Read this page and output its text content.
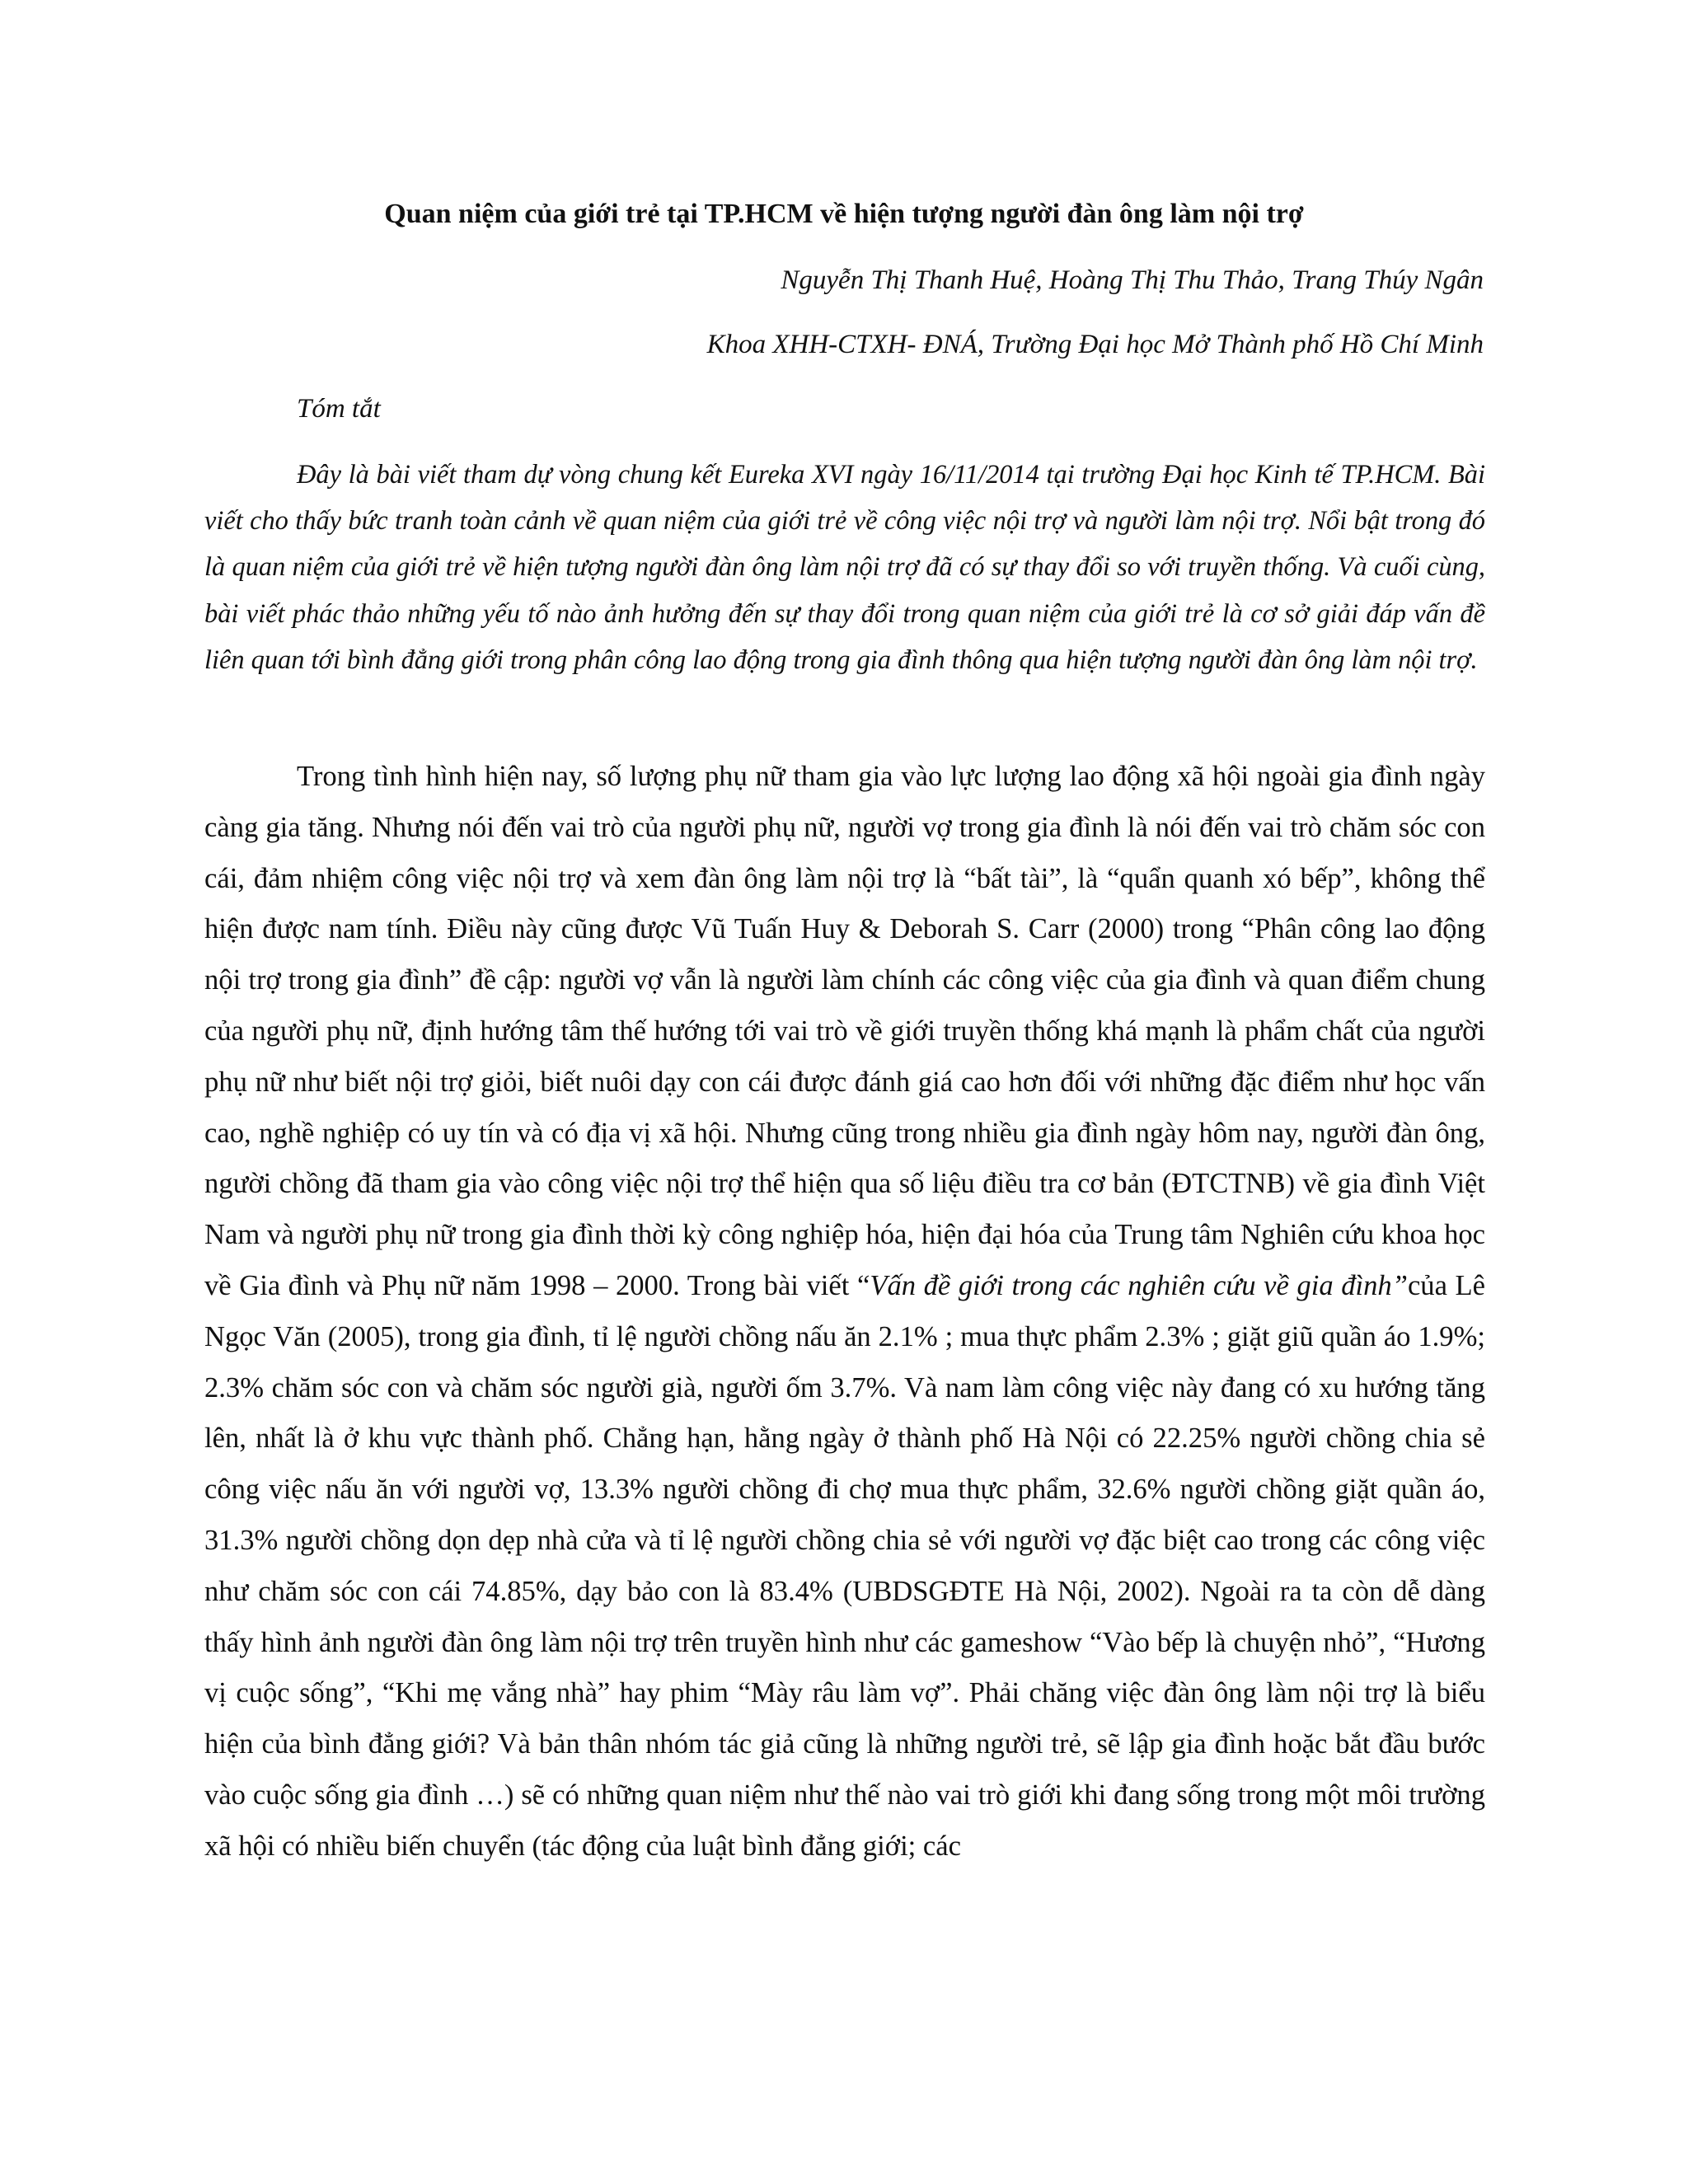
Quan niệm của giới trẻ tại TP.HCM về hiện tượng người đàn ông làm nội trợ
Nguyễn Thị Thanh Huệ, Hoàng Thị Thu Thảo, Trang Thúy Ngân
Khoa XHH-CTXH- ĐNÁ, Trường Đại học Mở Thành phố Hồ Chí Minh
Tóm tắt

Đây là bài viết tham dự vòng chung kết Eureka XVI ngày 16/11/2014 tại trường Đại học Kinh tế TP.HCM. Bài viết cho thấy bức tranh toàn cảnh về quan niệm của giới trẻ về công việc nội trợ và người làm nội trợ. Nổi bật trong đó là quan niệm của giới trẻ về hiện tượng người đàn ông làm nội trợ đã có sự thay đổi so với truyền thống. Và cuối cùng, bài viết phác thảo những yếu tố nào ảnh hưởng đến sự thay đổi trong quan niệm của giới trẻ là cơ sở giải đáp vấn đề liên quan tới bình đẳng giới trong phân công lao động trong gia đình thông qua hiện tượng người đàn ông làm nội trợ.

Trong tình hình hiện nay, số lượng phụ nữ tham gia vào lực lượng lao động xã hội ngoài gia đình ngày càng gia tăng. Nhưng nói đến vai trò của người phụ nữ, người vợ trong gia đình là nói đến vai trò chăm sóc con cái, đảm nhiệm công việc nội trợ và xem đàn ông làm nội trợ là “bất tài”, là “quẩn quanh xó bếp”, không thể hiện được nam tính. Điều này cũng được Vũ Tuấn Huy & Deborah S. Carr (2000) trong “Phân công lao động nội trợ trong gia đình” đề cập: người vợ vẫn là người làm chính các công việc của gia đình và quan điểm chung của người phụ nữ, định hướng tâm thế hướng tới vai trò về giới truyền thống khá mạnh là phẩm chất của người phụ nữ như biết nội trợ giỏi, biết nuôi dạy con cái được đánh giá cao hơn đối với những đặc điểm như học vấn cao, nghề nghiệp có uy tín và có địa vị xã hội. Nhưng cũng trong nhiều gia đình ngày hôm nay, người đàn ông, người chồng đã tham gia vào công việc nội trợ thể hiện qua số liệu điều tra cơ bản (ĐTCTNB) về gia đình Việt Nam và người phụ nữ trong gia đình thời kỳ công nghiệp hóa, hiện đại hóa của Trung tâm Nghiên cứu khoa học về Gia đình và Phụ nữ năm 1998 – 2000. Trong bài viết “Vấn đề giới trong các nghiên cứu về gia đình”của Lê Ngọc Văn (2005), trong gia đình, tỉ lệ người chồng nấu ăn 2.1% ; mua thực phẩm 2.3% ; giặt giũ quần áo 1.9%; 2.3% chăm sóc con và chăm sóc người già, người ốm 3.7%. Và nam làm công việc này đang có xu hướng tăng lên, nhất là ở khu vực thành phố. Chẳng hạn, hằng ngày ở thành phố Hà Nội có 22.25% người chồng chia sẻ công việc nấu ăn với người vợ, 13.3% người chồng đi chợ mua thực phẩm, 32.6% người chồng giặt quần áo, 31.3% người chồng dọn dẹp nhà cửa và tỉ lệ người chồng chia sẻ với người vợ đặc biệt cao trong các công việc như chăm sóc con cái 74.85%, dạy bảo con là 83.4% (UBDSGĐTE Hà Nội, 2002). Ngoài ra ta còn dễ dàng thấy hình ảnh người đàn ông làm nội trợ trên truyền hình như các gameshow “Vào bếp là chuyện nhỏ”, “Hương vị cuộc sống”, “Khi mẹ vắng nhà” hay phim “Mày râu làm vợ”. Phải chăng việc đàn ông làm nội trợ là biểu hiện của bình đẳng giới? Và bản thân nhóm tác giả cũng là những người trẻ, sẽ lập gia đình hoặc bắt đầu bước vào cuộc sống gia đình …) sẽ có những quan niệm như thế nào vai trò giới khi đang sống trong một môi trường xã hội có nhiều biến chuyển (tác động của luật bình đẳng giới; các
